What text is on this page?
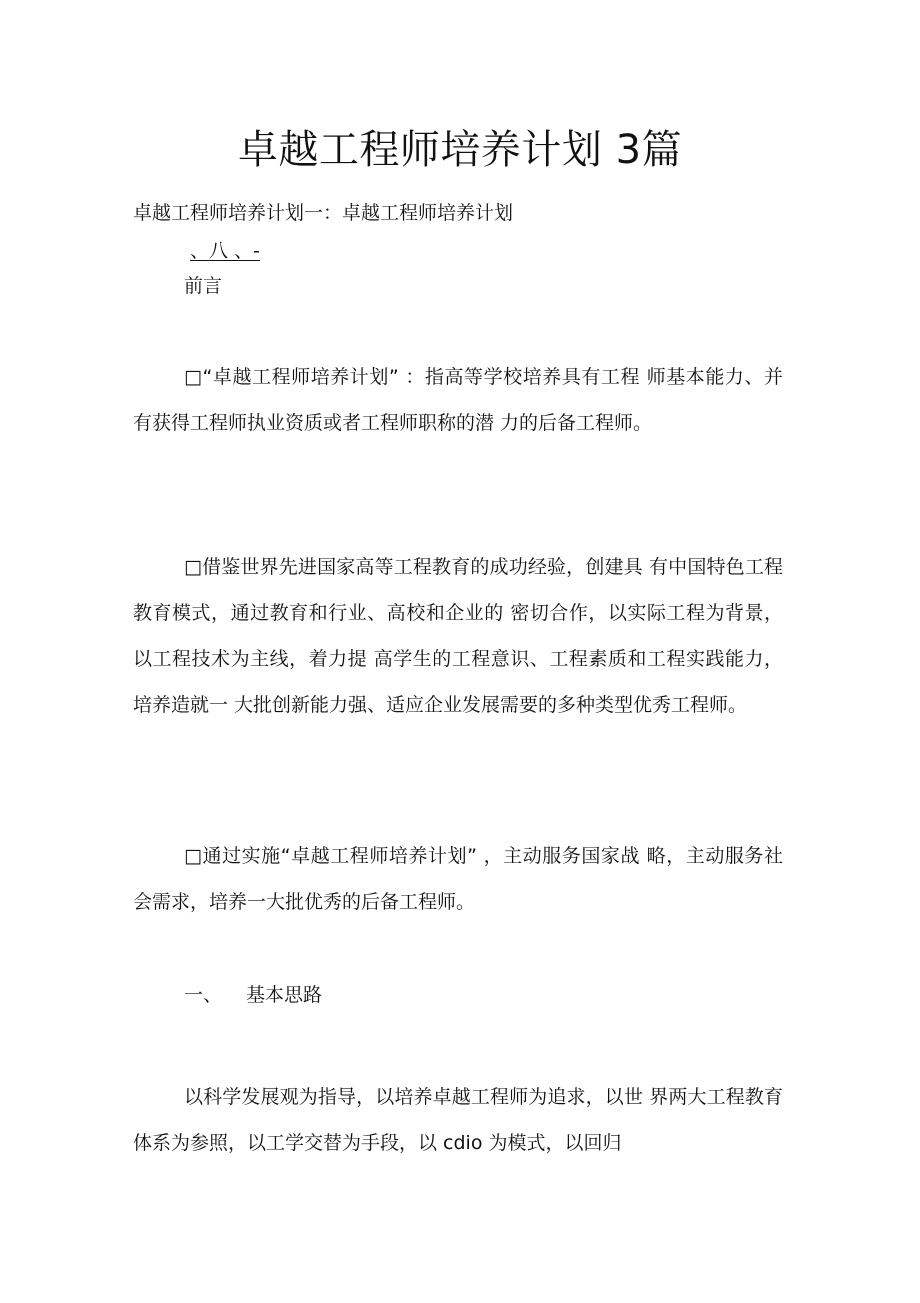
卓越工程师培养计划 3篇

卓越工程师培养计划一：卓越工程师培养计划

、八 、-

前言

□“卓越工程师培养计划” ：指高等学校培养具有工程 师基本能力、并有获得工程师执业资质或者工程师职称的潜 力的后备工程师。

□借鉴世界先进国家高等工程教育的成功经验，创建具 有中国特色工程教育模式，通过教育和行业、高校和企业的 密切合作，以实际工程为背景，以工程技术为主线，着力提 高学生的工程意识、工程素质和工程实践能力，培养造就一 大批创新能力强、适应企业发展需要的多种类型优秀工程师。

□通过实施“卓越工程师培养计划” ，主动服务国家战 略，主动服务社会需求，培养一大批优秀的后备工程师。

一、 基本思路

以科学发展观为指导，以培养卓越工程师为追求，以世 界两大工程教育体系为参照，以工学交替为手段，以 cdio 为模式，以回归
